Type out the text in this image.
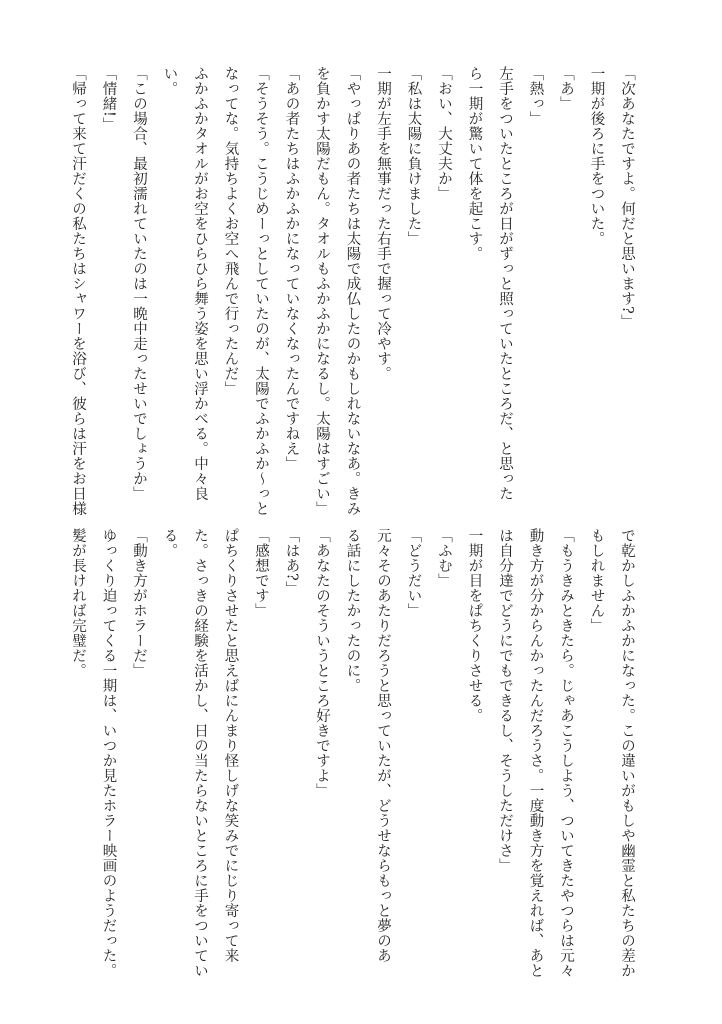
「次あなたですよ。何だと思います?」
一期が後ろに手をついた。
「あ」
「熱っ」
左手をついたところが日がずっと照っていたところだ、と思った
ら一期が驚いて体を起こす。
「おい、大丈夫か」
「私は太陽に負けました」
一期が左手を無事だった右手で握って冷やす。
「やっぱりあの者たちは太陽で成仏したのかもしれないなあ。きみ
を負かす太陽だもん。タオルもふかふかになるし。太陽はすごい」
「あの者たちはふかふかになっていなくなったんですねえ」
「そうそう。こうじめーっとしていたのが、太陽でふかふか〜っと
なってな。気持ちよくお空へ飛んで行ったんだ」
ふかふかタオルがお空をひらひら舞う姿を思い浮かべる。中々良
い。
「この場合、最初濡れていたのは一晩中走ったせいでしょうか」
「情緒!」
「帰って来て汗だくの私たちはシャワーを浴び、彼らは汗をお日様
で乾かしふかふかになった。この違いがもしや幽霊と私たちの差か
もしれません」
「もうきみときたら。じゃあこうしよう、ついてきたやつらは元々
動き方が分からんかったんだろうさ。一度動き方を覚えれば、あと
は自分達でどうにでもできるし、そうしただけさ」
一期が目をぱちくりさせる。
「ふむ」
「どうだい」
元々そのあたりだろうと思っていたが、どうせならもっと夢のあ
る話にしたかったのに。
「あなたのそういうところ好きですよ」
「はあ?」
「感想です」
ぱちくりさせたと思えばにんまり怪しげな笑みでにじり寄って来
た。さっきの経験を活かし、日の当たらないところに手をついてい
る。
「動き方がホラーだ」
ゆっくり迫ってくる一期は、いつか見たホラー映画のようだった。
髪が長ければ完璧だ。
